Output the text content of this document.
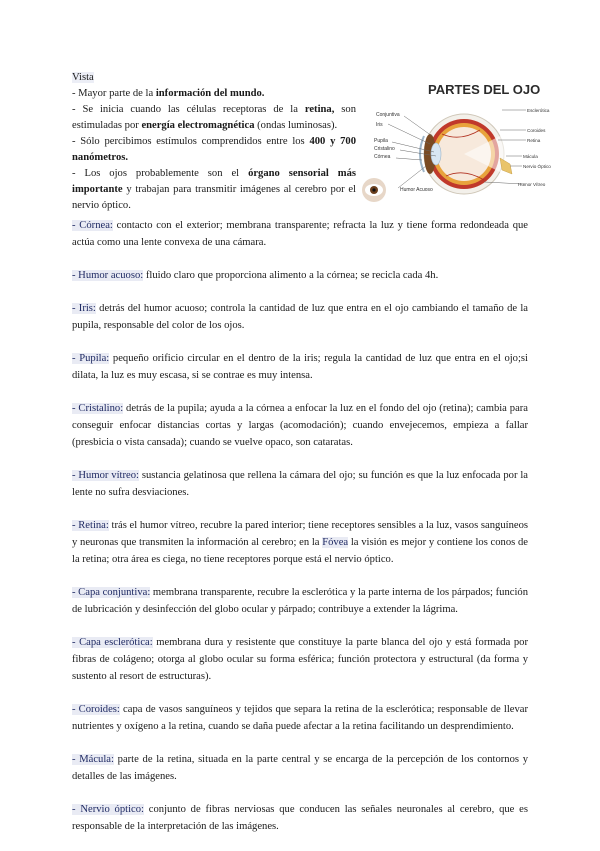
Vista

- Mayor parte de la información del mundo.

- Se inicia cuando las células receptoras de la retina, son estimuladas por energía electromagnética (ondas luminosas).

- Sólo percibimos estímulos comprendidos entre los 400 y 700 nanómetros.

- Los ojos probablemente son el órgano sensorial más importante y trabajan para transmitir imágenes al cerebro por el nervio óptico.

PARTES DEL OJO
Conjuntiva
Iris
Pupila
Cristalino
Córnea
Humor Acuoso
Esclerótica
Coroides
Retina
Mácula
Nervio Óptico
Humor Vítreo

- Córnea: contacto con el exterior; membrana transparente; refracta la luz y tiene forma redondeada que actúa como una lente convexa de una cámara.

- Humor acuoso: fluido claro que proporciona alimento a la córnea; se recicla cada 4h.

- Iris: detrás del humor acuoso; controla la cantidad de luz que entra en el ojo cambiando el tamaño de la pupila, responsable del color de los ojos.

- Pupila: pequeño orificio circular en el dentro de la iris; regula la cantidad de luz que entra en el ojo;si dilata, la luz es muy escasa, si se contrae es muy intensa.

- Cristalino: detrás de la pupila; ayuda a la córnea a enfocar la luz en el fondo del ojo (retina); cambia para conseguir enfocar distancias cortas y largas (acomodación); cuando envejecemos, empieza a fallar (presbicia o vista cansada); cuando se vuelve opaco, son cataratas.

- Humor vítreo: sustancia gelatinosa que rellena la cámara del ojo; su función es que la luz enfocada por la lente no sufra desviaciones.

- Retina: trás el humor vítreo, recubre la pared interior; tiene receptores sensibles a la luz, vasos sanguíneos y neuronas que transmiten la información al cerebro; en la Fóvea la visión es mejor y contiene los conos de la retina; otra área es ciega, no tiene receptores porque está el nervio óptico.

- Capa conjuntiva: membrana transparente, recubre la esclerótica y la parte interna de los párpados; función de lubricación y desinfección del globo ocular y párpado; contribuye a extender la lágrima.

- Capa esclerótica: membrana dura y resistente que constituye la parte blanca del ojo y está formada por fibras de colágeno; otorga al globo ocular su forma esférica; función protectora y estructural (da forma y sustento al resort de estructuras).

- Coroides: capa de vasos sanguíneos y tejidos que separa la retina de la esclerótica; responsable de llevar nutrientes y oxígeno a la retina, cuando se daña puede afectar a la retina facilitando un desprendimiento.

- Mácula: parte de la retina, situada en la parte central y se encarga de la percepción de los contornos y detalles de las imágenes.

- Nervio óptico: conjunto de fibras nerviosas que conducen las señales neuronales al cerebro, que es responsable de la interpretación de las imágenes.
